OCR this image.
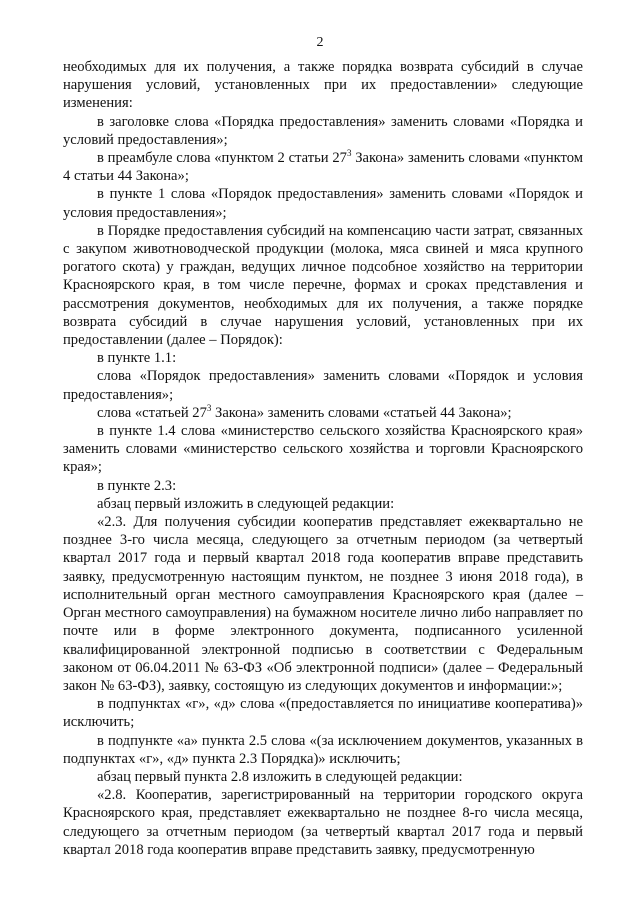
2

необходимых для их получения, а также порядка возврата субсидий в случае нарушения условий, установленных при их предоставлении» следующие изменения:

в заголовке слова «Порядка предоставления» заменить словами «Порядка и условий предоставления»;

в преамбуле слова «пунктом 2 статьи $27^3$ Закона» заменить словами «пунктом 4 статьи 44 Закона»;

в пункте 1 слова «Порядок предоставления» заменить словами «Порядок и условия предоставления»;

в Порядке предоставления субсидий на компенсацию части затрат, связанных с закупом животноводческой продукции (молока, мяса свиней и мяса крупного рогатого скота) у граждан, ведущих личное подсобное хозяйство на территории Красноярского края, в том числе перечне, формах и сроках представления и рассмотрения документов, необходимых для их получения, а также порядке возврата субсидий в случае нарушения условий, установленных при их предоставлении (далее – Порядок):

в пункте 1.1:

слова «Порядок предоставления» заменить словами «Порядок и условия предоставления»;

слова «статьей $27^3$ Закона» заменить словами «статьей 44 Закона»;

в пункте 1.4 слова «министерство сельского хозяйства Красноярского края» заменить словами «министерство сельского хозяйства и торговли Красноярского края»;

в пункте 2.3:

абзац первый изложить в следующей редакции:

«2.3. Для получения субсидии кооператив представляет ежеквартально не позднее 3-го числа месяца, следующего за отчетным периодом (за четвертый квартал 2017 года и первый квартал 2018 года кооператив вправе представить заявку, предусмотренную настоящим пунктом, не позднее 3 июня 2018 года), в исполнительный орган местного самоуправления Красноярского края (далее – Орган местного самоуправления) на бумажном носителе лично либо направляет по почте или в форме электронного документа, подписанного усиленной квалифицированной электронной подписью в соответствии с Федеральным законом от 06.04.2011 № 63-ФЗ «Об электронной подписи» (далее – Федеральный закон № 63-ФЗ), заявку, состоящую из следующих документов и информации:»;

в подпунктах «г», «д» слова «(предоставляется по инициативе кооператива)» исключить;

в подпункте «а» пункта 2.5 слова «(за исключением документов, указанных в подпунктах «г», «д» пункта 2.3 Порядка)» исключить;

абзац первый пункта 2.8 изложить в следующей редакции:

«2.8. Кооператив, зарегистрированный на территории городского округа Красноярского края, представляет ежеквартально не позднее 8-го числа месяца, следующего за отчетным периодом (за четвертый квартал 2017 года и первый квартал 2018 года кооператив вправе представить заявку, предусмотренную
